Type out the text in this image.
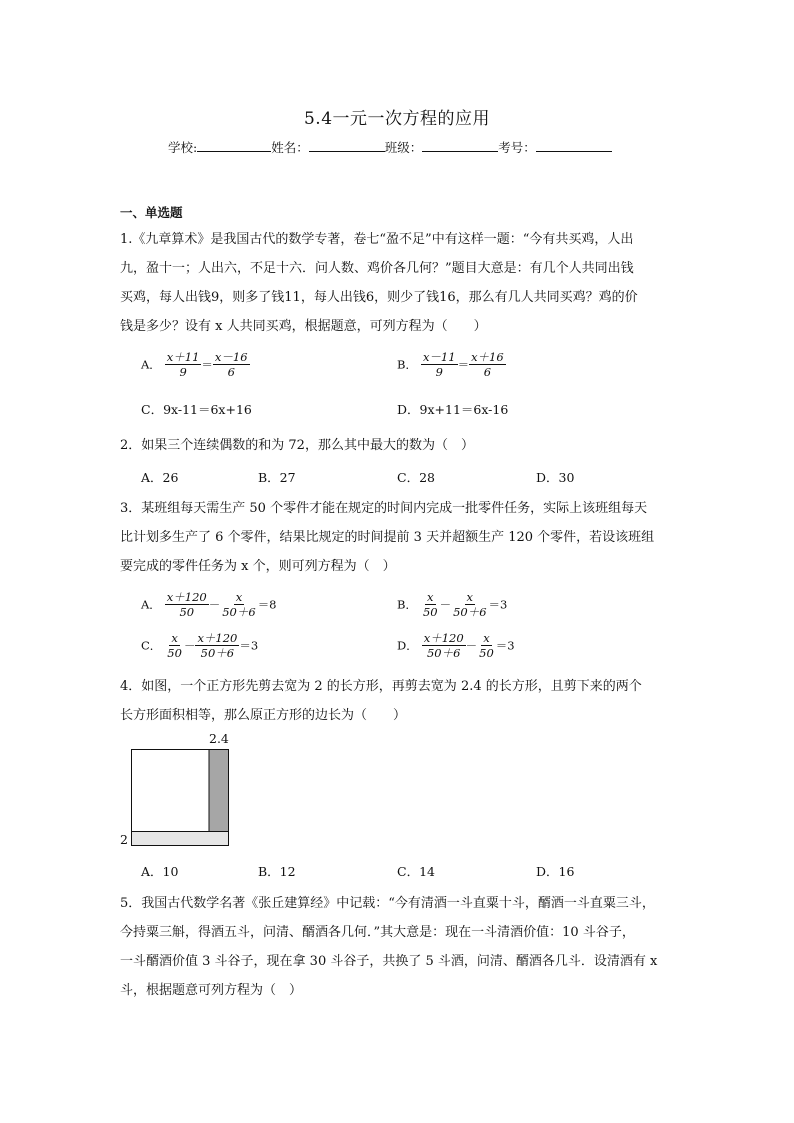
5.4一元一次方程的应用
学校:	姓名：	班级：	考号：
一、单选题
1.《九章算术》是我国古代的数学专著，卷七“盈不足”中有这样一题：“今有共买鸡，人出
九，盈十一；人出六，不足十六．问人数、鸡价各几何？”题目大意是：有几个人共同出钱
买鸡，每人出钱9，则多了钱11，每人出钱6，则少了钱16，那么有几人共同买鸡？鸡的价
钱是多少？设有 x 人共同买鸡，根据题意，可列方程为（　　）
A． $\frac{x+11}{9} = \frac{x-16}{6}$	B． $\frac{x-11}{9} = \frac{x+16}{6}$
C．9x-11＝6x+16	D．9x+11＝6x-16
2．如果三个连续偶数的和为 72，那么其中最大的数为（　）
A．26	B．27	C．28	D．30
3．某班组每天需生产 50 个零件才能在规定的时间内完成一批零件任务，实际上该班组每天
比计划多生产了 6 个零件，结果比规定的时间提前 3 天并超额生产 120 个零件，若设该班组
要完成的零件任务为 x 个，则可列方程为（　）
A． $\frac{x+120}{50} - \frac{x}{50+6} =8$	B． $\frac{x}{50} - \frac{x}{50+6} =3$
C． $\frac{x}{50} - \frac{x+120}{50+6} =3$	D． $\frac{x+120}{50+6} - \frac{x}{50} =3$
4．如图，一个正方形先剪去宽为 2 的长方形，再剪去宽为 2.4 的长方形，且剪下来的两个
长方形面积相等，那么原正方形的边长为（　　）
2.4
2
A．10	B．12	C．14	D．16
5．我国古代数学名著《张丘建算经》中记载：“今有清酒一斗直粟十斗，醑酒一斗直粟三斗，
今持粟三斛，得酒五斗，问清、醑酒各几何．”其大意是：现在一斗清酒价值：10 斗谷子，
一斗醑酒价值 3 斗谷子，现在拿 30 斗谷子，共换了 5 斗酒，问清、醑酒各几斗．设清酒有 x
斗，根据题意可列方程为（　）
